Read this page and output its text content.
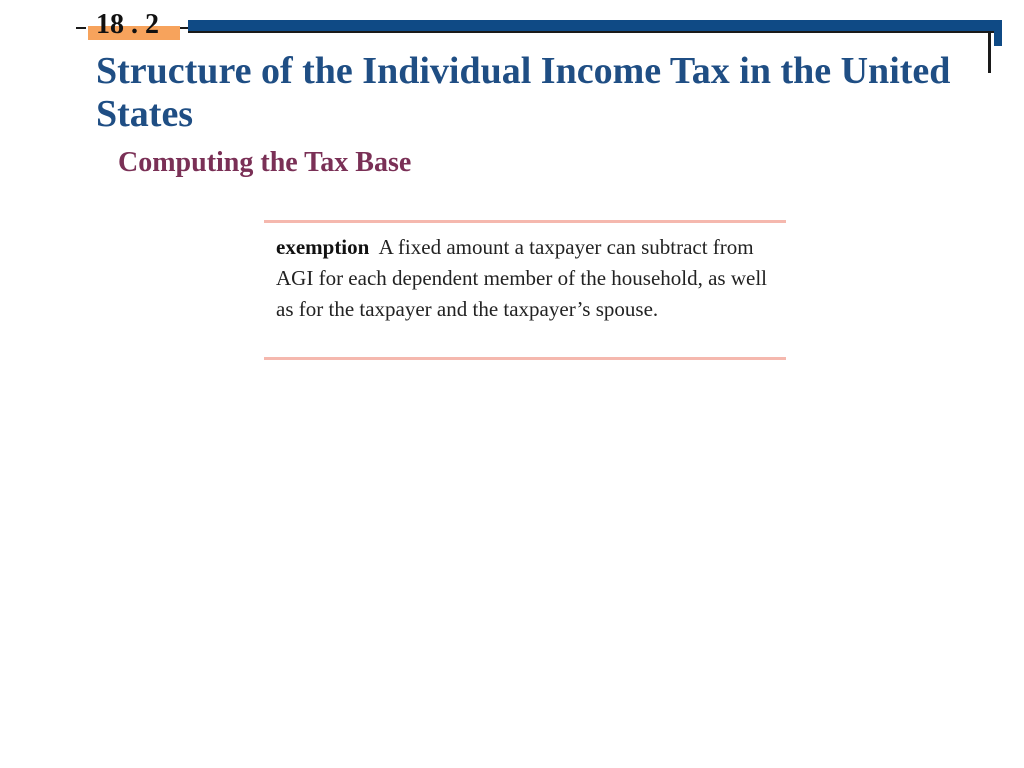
18 . 2
Structure of the Individual Income Tax in the United States
Computing the Tax Base

exemption A fixed amount a taxpayer can subtract from AGI for each dependent member of the household, as well as for the taxpayer and the taxpayer’s spouse.
